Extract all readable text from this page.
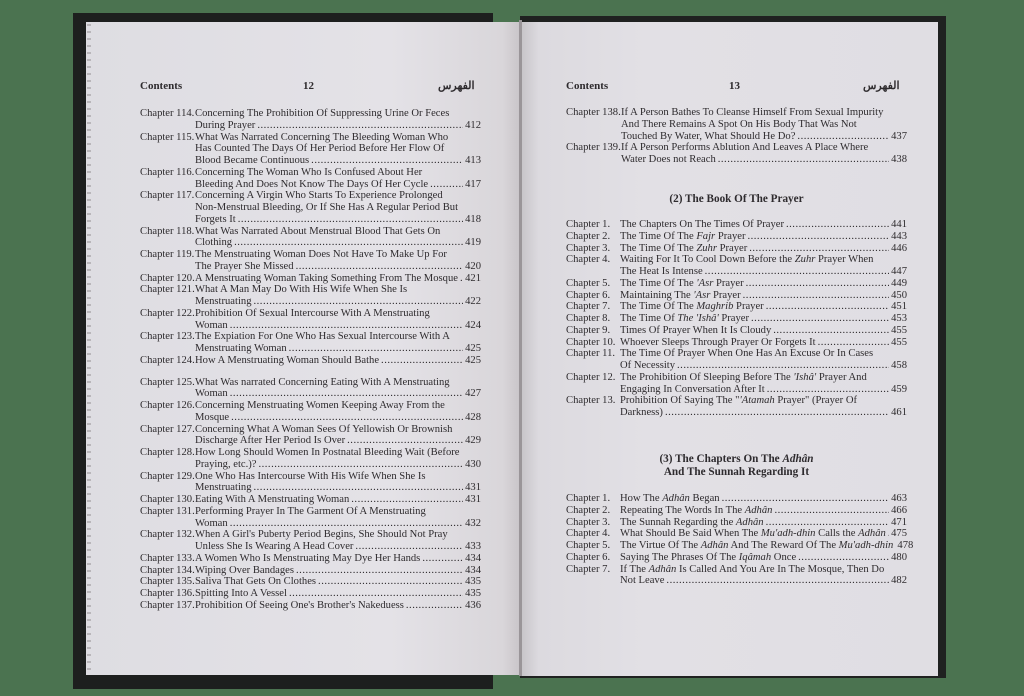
Contents	12	الفهرس
Chapter 114. Concerning The Prohibition Of Suppressing Urine Or Feces
During Prayer .....	412
Chapter 115. What Was Narrated Concerning The Bleeding Woman Who
Has Counted The Days Of Her Period Before Her Flow Of
Blood Became Continuous .....	413
Chapter 116. Concerning The Woman Who Is Confused About Her
Bleeding And Does Not Know The Days Of Her Cycle .....	417
Chapter 117. Concerning A Virgin Who Starts To Experience Prolonged
Non-Menstrual Bleeding, Or If She Has A Regular Period But
Forgets It .....	418
Chapter 118. What Was Narrated About Menstrual Blood That Gets On
Clothing .....	419
Chapter 119. The Menstruating Woman Does Not Have To Make Up For
The Prayer She Missed .....	420
Chapter 120. A Menstruating Woman Taking Something From The Mosque ..... 421
Chapter 121. What A Man May Do With His Wife When She Is
Menstruating .....	422
Chapter 122. Prohibition Of Sexual Intercourse With A Menstruating
Woman .....	424
Chapter 123. The Expiation For One Who Has Sexual Intercourse With A
Menstruating Woman .....	425
Chapter 124. How A Menstruating Woman Should Bathe .....	425
Chapter 125. What Was narrated Concerning Eating With A Menstruating
Woman .....	427
Chapter 126. Concerning Menstruating Women Keeping Away From the
Mosque .....	428
Chapter 127. Concerning What A Woman Sees Of Yellowish Or Brownish
Discharge After Her Period Is Over .....	429
Chapter 128. How Long Should Women In Postnatal Bleeding Wait (Before
Praying, etc.)? .....	430
Chapter 129. One Who Has Intercourse With His Wife When She Is
Menstruating .....	431
Chapter 130. Eating With A Menstruating Woman .....	431
Chapter 131. Performing Prayer In The Garment Of A Menstruating
Woman .....	432
Chapter 132. When A Girl's Puberty Period Begins, She Should Not Pray
Unless She Is Wearing A Head Cover .....	433
Chapter 133. A Women Who Is Menstruating May Dye Her Hands .....	434
Chapter 134. Wiping Over Bandages .....	434
Chapter 135. Saliva That Gets On Clothes .....	435
Chapter 136. Spitting Into A Vessel .....	435
Chapter 137. Prohibition Of Seeing One's Brother's Nakeduess .....	436
Contents	13	الفهرس
Chapter 138. If A Person Bathes To Cleanse Himself From Sexual Impurity
And There Remains A Spot On His Body That Was Not
Touched By Water, What Should He Do? .....	437
Chapter 139. If A Person Performs Ablution And Leaves A Place Where
Water Does not Reach .....	438
(2) The Book Of The Prayer
Chapter 1. The Chapters On The Times Of Prayer .....	441
Chapter 2. The Time Of The Fajr Prayer .....	443
Chapter 3. The Time Of The Zuhr Prayer .....	446
Chapter 4. Waiting For It To Cool Down Before the Zuhr Prayer When
The Heat Is Intense .....	447
Chapter 5. The Time Of The 'Asr Prayer .....	449
Chapter 6. Maintaining The 'Asr Prayer .....	450
Chapter 7. The Time Of The Maghrib Prayer .....	451
Chapter 8. The Time Of The 'Ishâ' Prayer .....	453
Chapter 9. Times Of Prayer When It Is Cloudy .....	455
Chapter 10. Whoever Sleeps Through Prayer Or Forgets It .....	455
Chapter 11. The Time Of Prayer When One Has An Excuse Or In Cases
Of Necessity .....	458
Chapter 12. The Prohibition Of Sleeping Before The 'Ishâ' Prayer And
Engaging In Conversation After It .....	459
Chapter 13. Prohibition Of Saying The "'Atamah Prayer" (Prayer Of
Darkness) .....	461
(3) The Chapters On The Adhân
And The Sunnah Regarding It
Chapter 1. How The Adhân Began .....	463
Chapter 2. Repeating The Words In The Adhân .....	466
Chapter 3. The Sunnah Regarding the Adhân .....	471
Chapter 4. What Should Be Said When The Mu'adh-dhin Calls the Adhân ..... 475
Chapter 5. The Virtue Of The Adhân And The Reward Of The Mu'adh-dhin 478
Chapter 6. Saying The Phrases Of The Iqâmah Once .....	480
Chapter 7. If The Adhân Is Called And You Are In The Mosque, Then Do
Not Leave .....	482
